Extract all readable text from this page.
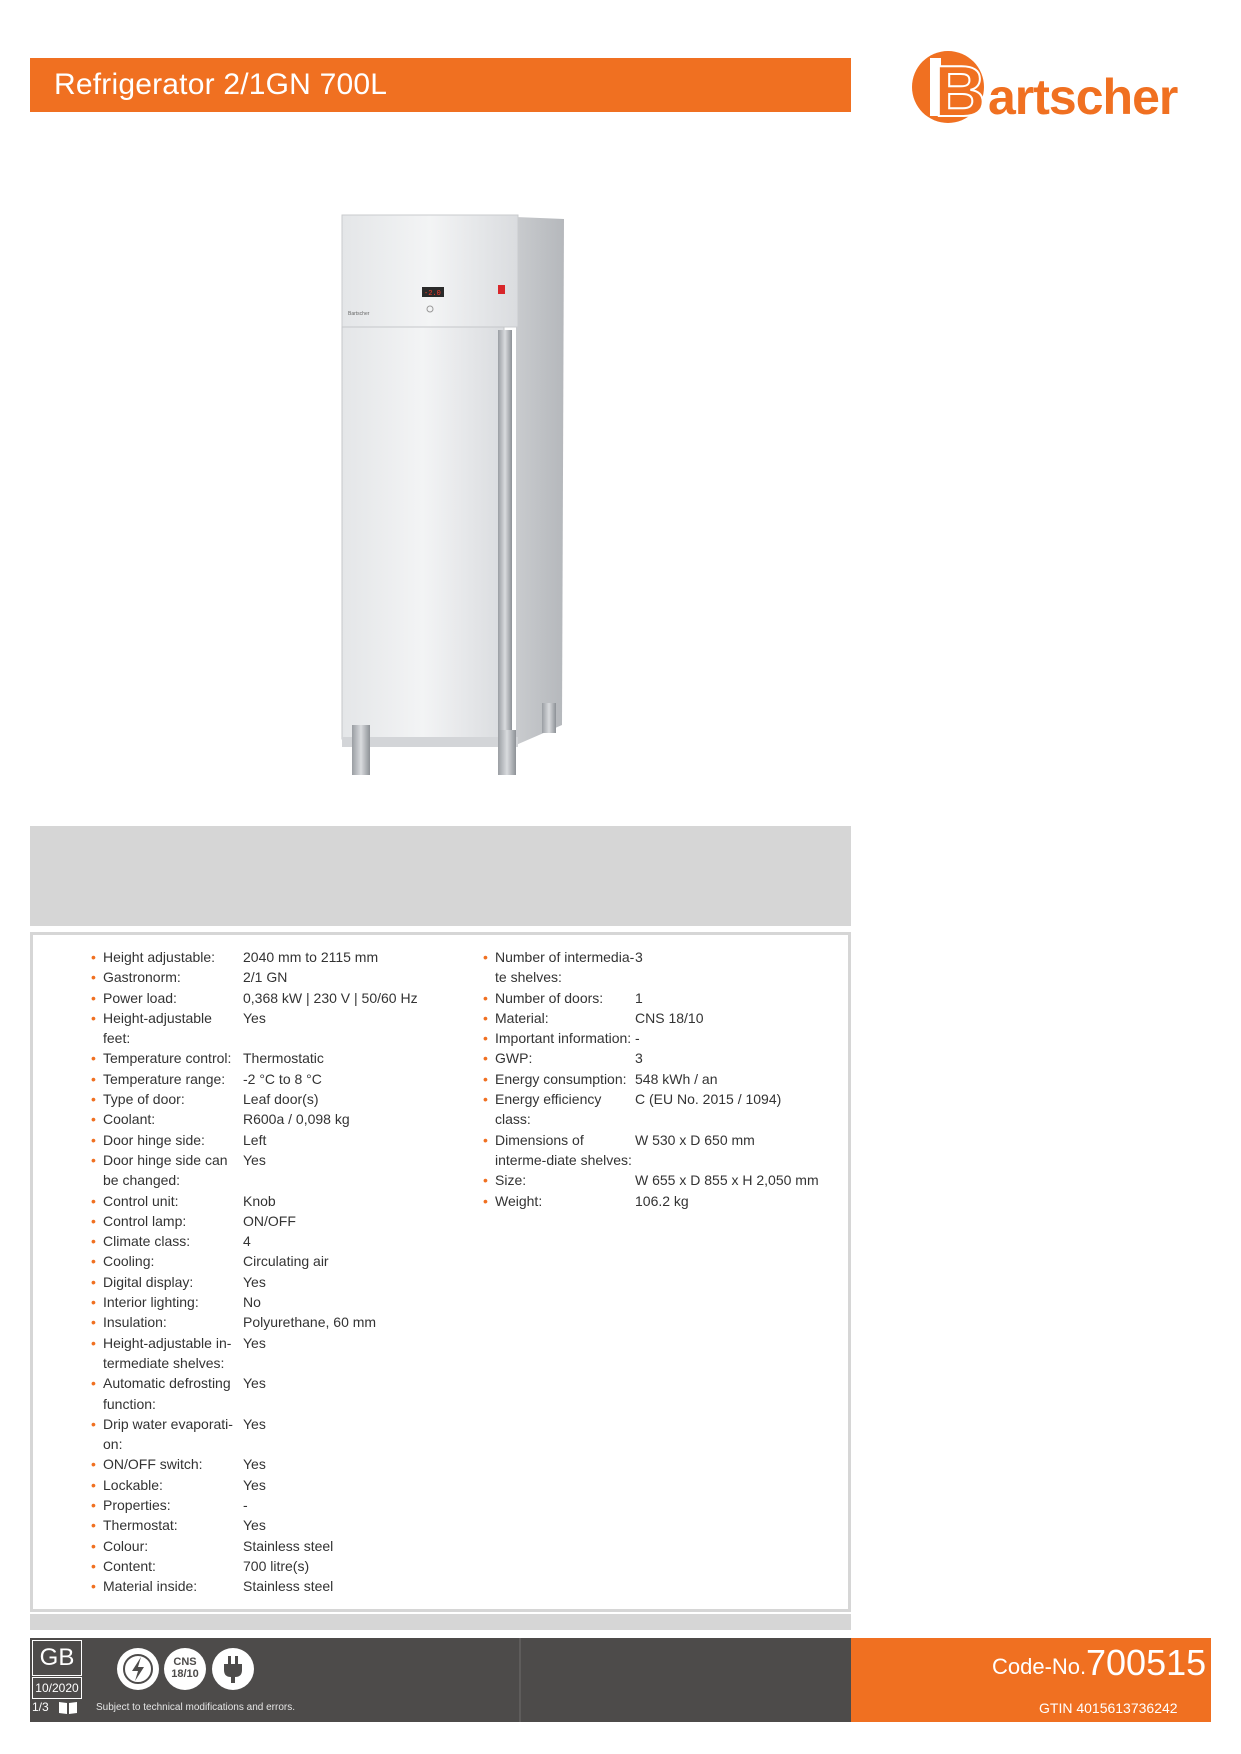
Refrigerator 2/1GN 700L	B artscher
Bartscher
-2.0
Bartscher
• Height adjustable:	2040 mm to 2115 mm
• Gastronorm:	2/1 GN
• Power load:	0,368 kW | 230 V | 50/60 Hz
• Height-adjustable feet:
Yes
• Temperature control: Thermostatic
• Temperature range:	-2 °C to 8 °C
• Type of door:	Leaf door(s)
• Coolant:	R600a / 0,098 kg
• Door hinge side:	Left
• Door hinge side can be changed:
Yes
• Control unit:	Knob
• Control lamp:	ON/OFF
• Climate class:	4
• Cooling:	Circulating air
• Digital display:	Yes
• Interior lighting:	No
• Insulation:	Polyurethane, 60 mm
• Height-adjustable in-termediate shelves:
Yes
• Automatic defrosting function:
Yes
• Drip water evaporati-on:
Yes
• ON/OFF switch:	Yes
• Lockable:	Yes
• Properties:	-
• Thermostat:	Yes
• Colour:	Stainless steel
• Content:	700 litre(s)
• Material inside:	Stainless steel
• Number of intermedia-te shelves:
3
• Number of doors:	1
• Material:	CNS 18/10
• Important information: -
• GWP:	3
• Energy consumption: 548 kWh / an
• Energy efficiency class:
C (EU No. 2015 / 1094)
• Dimensions of interme-diate shelves:
W 530 x D 650 mm
• Size:	W 655 x D 855 x H 2,050 mm
• Weight:	106.2 kg
GB
10/2020
1/3
CNS
18/10
Subject to technical modifications and errors.
Code-No. 700515
GTIN 4015613736242
